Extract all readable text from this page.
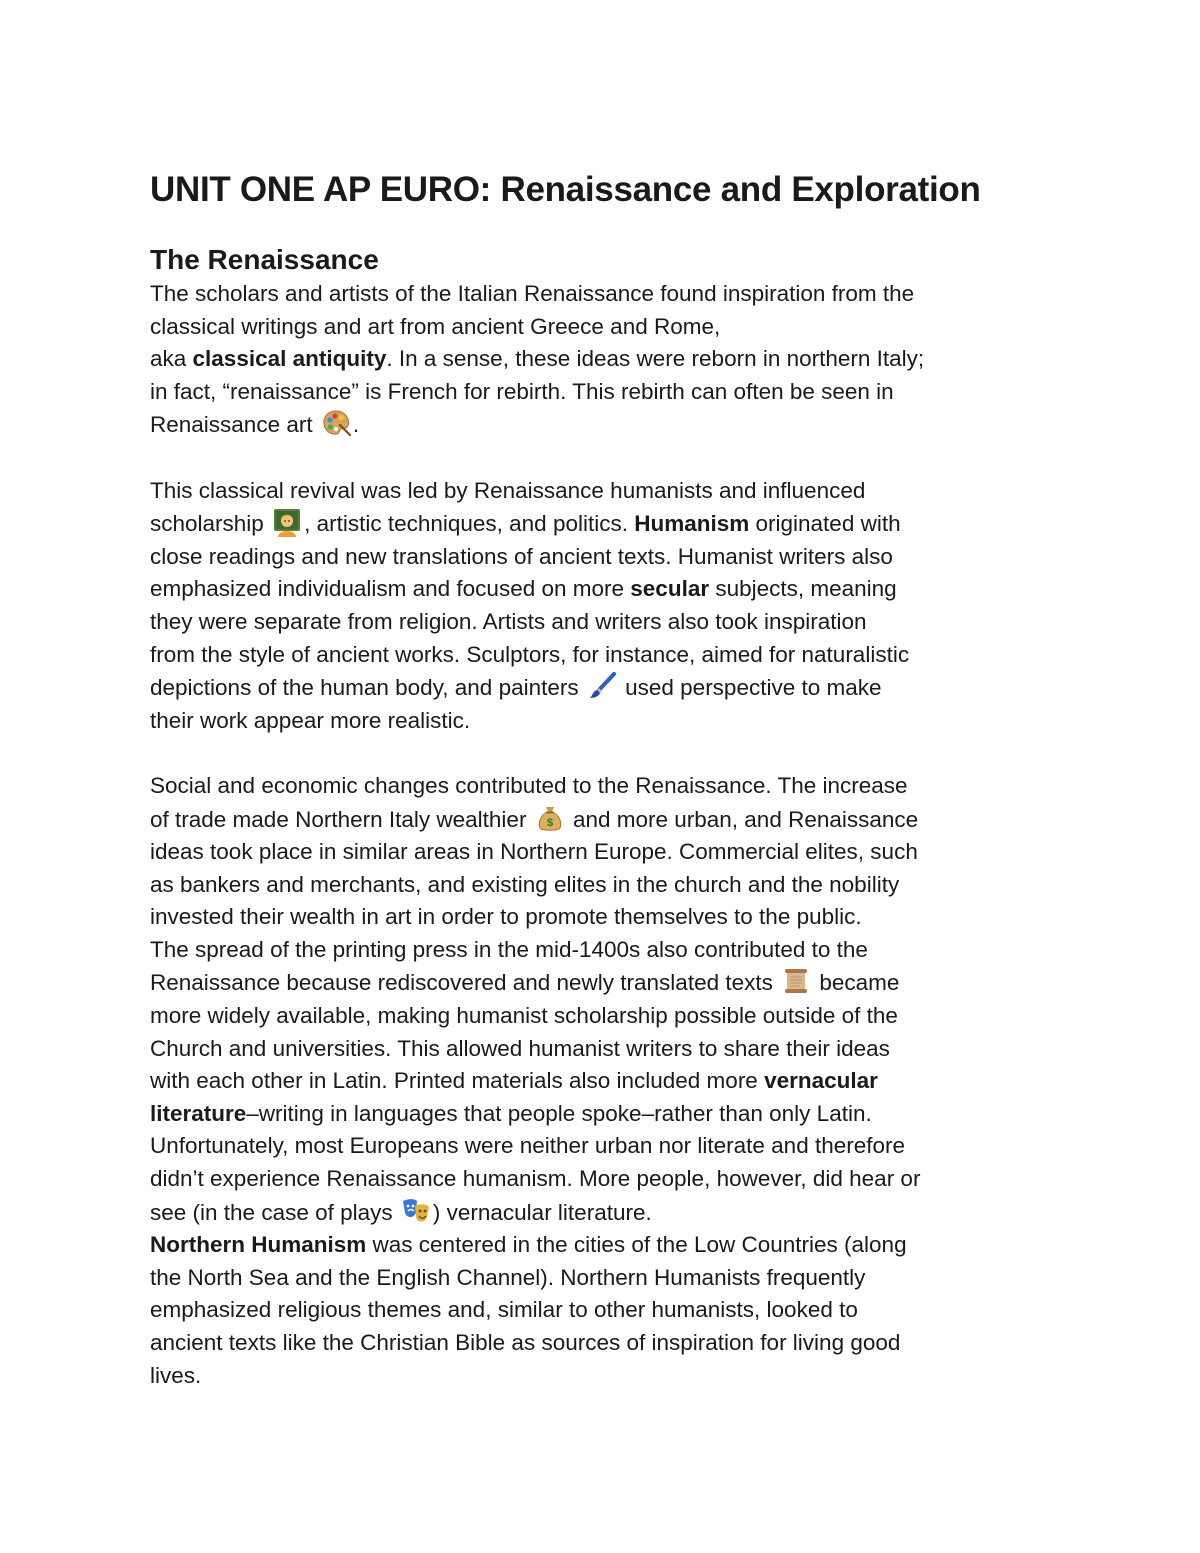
UNIT ONE AP EURO: Renaissance and Exploration
The Renaissance

The scholars and artists of the Italian Renaissance found inspiration from the

classical writings and art from ancient Greece and Rome,

aka classical antiquity. In a sense, these ideas were reborn in northern Italy;

in fact, “renaissance” is French for rebirth. This rebirth can often be seen in

Renaissance art
.

This classical revival was led by Renaissance humanists and influenced

scholarship
, artistic techniques, and politics. Humanism originated with

close readings and new translations of ancient texts. Humanist writers also

emphasized individualism and focused on more secular subjects, meaning

they were separate from religion. Artists and writers also took inspiration

from the style of ancient works. Sculptors, for instance, aimed for naturalistic

depictions of the human body, and painters
used perspective to make

their work appear more realistic.

Social and economic changes contributed to the Renaissance. The increase

of trade made Northern Italy wealthier $ and more urban, and Renaissance

ideas took place in similar areas in Northern Europe. Commercial elites, such

as bankers and merchants, and existing elites in the church and the nobility

invested their wealth in art in order to promote themselves to the public.

The spread of the printing press in the mid-1400s also contributed to the

Renaissance because rediscovered and newly translated texts
became

more widely available, making humanist scholarship possible outside of the

Church and universities. This allowed humanist writers to share their ideas

with each other in Latin. Printed materials also included more vernacular

literature–writing in languages that people spoke–rather than only Latin.

Unfortunately, most Europeans were neither urban nor literate and therefore

didn’t experience Renaissance humanism. More people, however, did hear or

see (in the case of plays
) vernacular literature.

Northern Humanism was centered in the cities of the Low Countries (along

the North Sea and the English Channel). Northern Humanists frequently

emphasized religious themes and, similar to other humanists, looked to

ancient texts like the Christian Bible as sources of inspiration for living good

lives.
